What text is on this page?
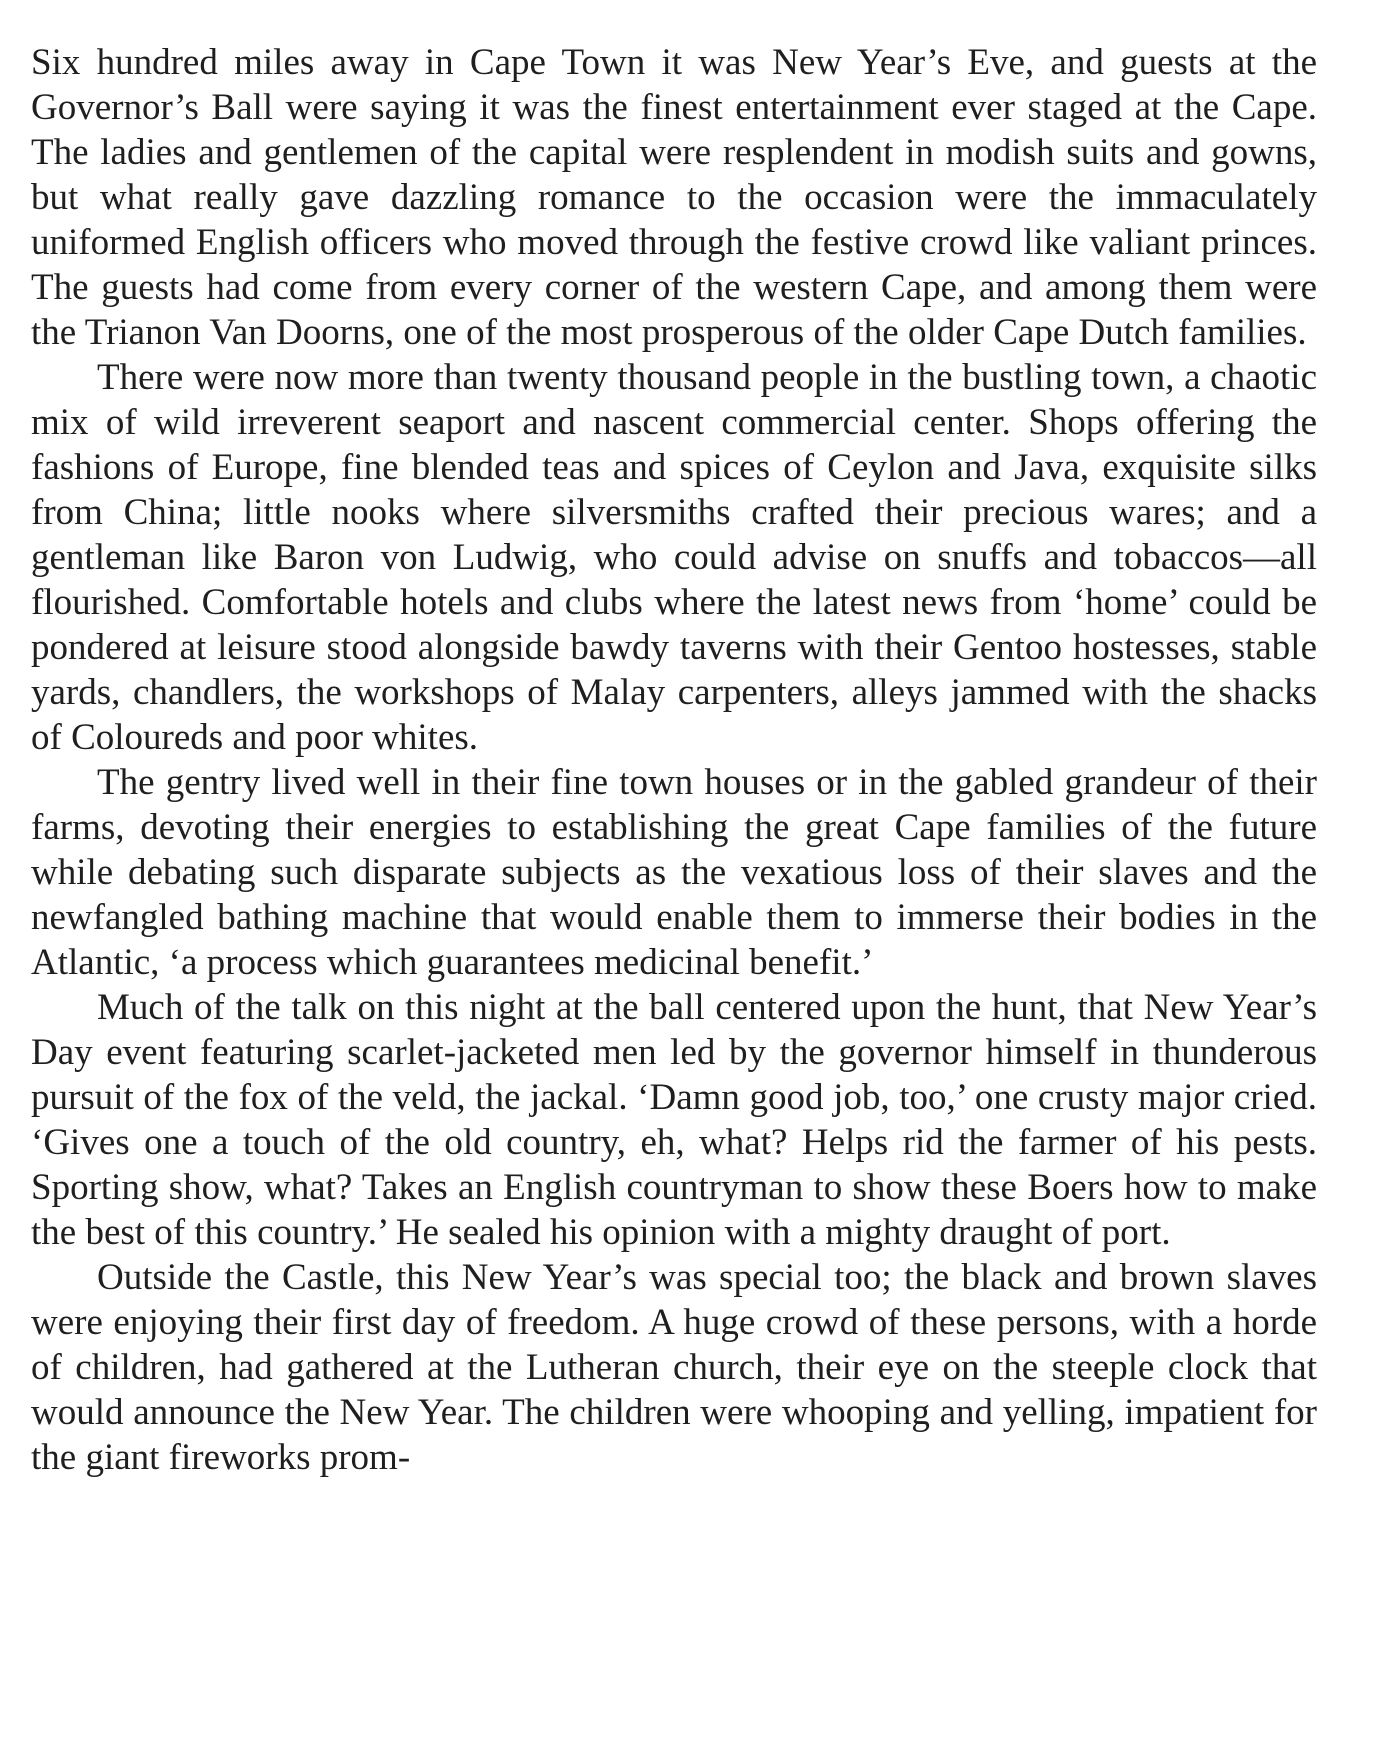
Six hundred miles away in Cape Town it was New Year’s Eve, and guests at the Governor’s Ball were saying it was the finest entertainment ever staged at the Cape. The ladies and gentlemen of the capital were resplendent in modish suits and gowns, but what really gave dazzling romance to the occasion were the immaculately uniformed English officers who moved through the festive crowd like valiant princes. The guests had come from every corner of the western Cape, and among them were the Trianon Van Doorns, one of the most prosperous of the older Cape Dutch families.

There were now more than twenty thousand people in the bustling town, a chaotic mix of wild irreverent seaport and nascent commercial center. Shops offering the fashions of Europe, fine blended teas and spices of Ceylon and Java, exquisite silks from China; little nooks where silversmiths crafted their precious wares; and a gentleman like Baron von Ludwig, who could advise on snuffs and tobaccos—all flourished. Comfortable hotels and clubs where the latest news from ‘home’ could be pondered at leisure stood alongside bawdy taverns with their Gentoo hostesses, stable yards, chandlers, the workshops of Malay carpenters, alleys jammed with the shacks of Coloureds and poor whites.

The gentry lived well in their fine town houses or in the gabled grandeur of their farms, devoting their energies to establishing the great Cape families of the future while debating such disparate subjects as the vexatious loss of their slaves and the newfangled bathing machine that would enable them to immerse their bodies in the Atlantic, ‘a process which guarantees medicinal benefit.’

Much of the talk on this night at the ball centered upon the hunt, that New Year’s Day event featuring scarlet-jacketed men led by the governor himself in thunderous pursuit of the fox of the veld, the jackal. ‘Damn good job, too,’ one crusty major cried. ‘Gives one a touch of the old country, eh, what? Helps rid the farmer of his pests. Sporting show, what? Takes an English countryman to show these Boers how to make the best of this country.’ He sealed his opinion with a mighty draught of port.

Outside the Castle, this New Year’s was special too; the black and brown slaves were enjoying their first day of freedom. A huge crowd of these persons, with a horde of children, had gathered at the Lutheran church, their eye on the steeple clock that would announce the New Year. The children were whooping and yelling, impatient for the giant fireworks prom-
